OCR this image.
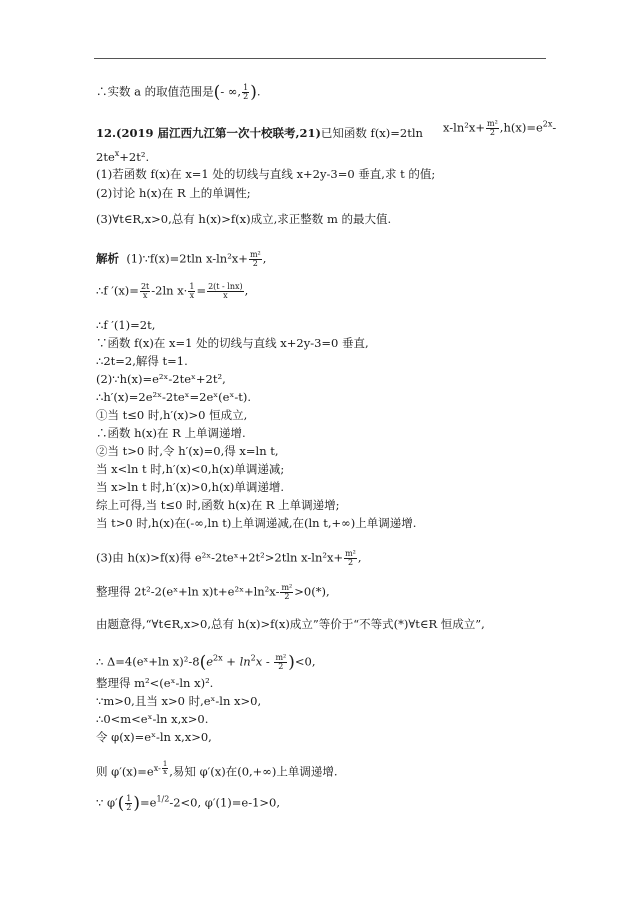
∴实数 a 的取值范围是(- ∞, $\frac{1}{2}$ ).
12.(2019 届江西九江第一次十校联考,21)已知函数 f(x)=2tln $x-\ln^2x+ \frac{\text{m²}}{2} ,h(x)=e^{2x}-$
$2te^x+2t^2$.
(1)若函数 f(x)在 x=1 处的切线与直线 x+2y-3=0 垂直,求 t 的值;
(2)讨论 h(x)在 R 上的单调性;
(3)∀t∈R,x>0,总有 h(x)>f(x)成立,求正整数 m 的最大值.
解析 (1)∵f(x)=2tln $x-\ln^2x+ \frac{\text{m²}}{2}$ ,
∴f $'(x)= \frac{2t}{x} -2\ln$ $x\cdot \frac{1}{x} = \frac{2(t - \ln x)}{x}$ ,
∴f ′(1)=2t,
∵函数 f(x)在 x=1 处的切线与直线 x+2y-3=0 垂直,
∴2t=2,解得 t=1.
(2)∵h(x)=e²ˣ-2teˣ+2t²,
∴h′(x)=2e²ˣ-2teˣ=2eˣ(eˣ-t).
①当 t≤0 时,h′(x)>0 恒成立,
∴函数 h(x)在 R 上单调递增.
②当 t>0 时,令 h′(x)=0,得 x=ln t,
当 x<ln t 时,h′(x)<0,h(x)单调递减;
当 x>ln t 时,h′(x)>0,h(x)单调递增.
综上可得,当 t≤0 时,函数 h(x)在 R 上单调递增;
当 t>0 时,h(x)在(-∞,ln t)上单调递减,在(ln t,+∞)上单调递增.
(3)由 h(x)>f(x)得 e²ˣ-2teˣ+2t²>2tln $x-\ln^2x+ \frac{\text{m²}}{2}$ ,
整理得 2t²-2(eˣ+ln x)t+e²ˣ+ln²x- $\frac{\text{m²}}{2} >0(*)$,
由题意得,“∀t∈R,x>0,总有 h(x)>f(x)成立”等价于“不等式(*)∀t∈R 恒成立”,
∴ Δ=4(eˣ+ln $x)^2-8(e^{2x} + \ln^2x - \frac{\text{m²}}{2} )<0$,
整理得 m²<(eˣ-ln x)².
∵m>0,且当 x>0 时,eˣ-ln x>0,
∴0<m<eˣ-ln x,x>0.
令 φ(x)=eˣ-ln x,x>0,
则 $\varphi'(x)=e^{x- \frac{1}{x}}$ ,易知 φ′(x)在(0,+∞)上单调递增.
∵ $\varphi'( \frac{1}{2} )=e^{1/2}-2<0$, φ′(1)=e-1>0,
